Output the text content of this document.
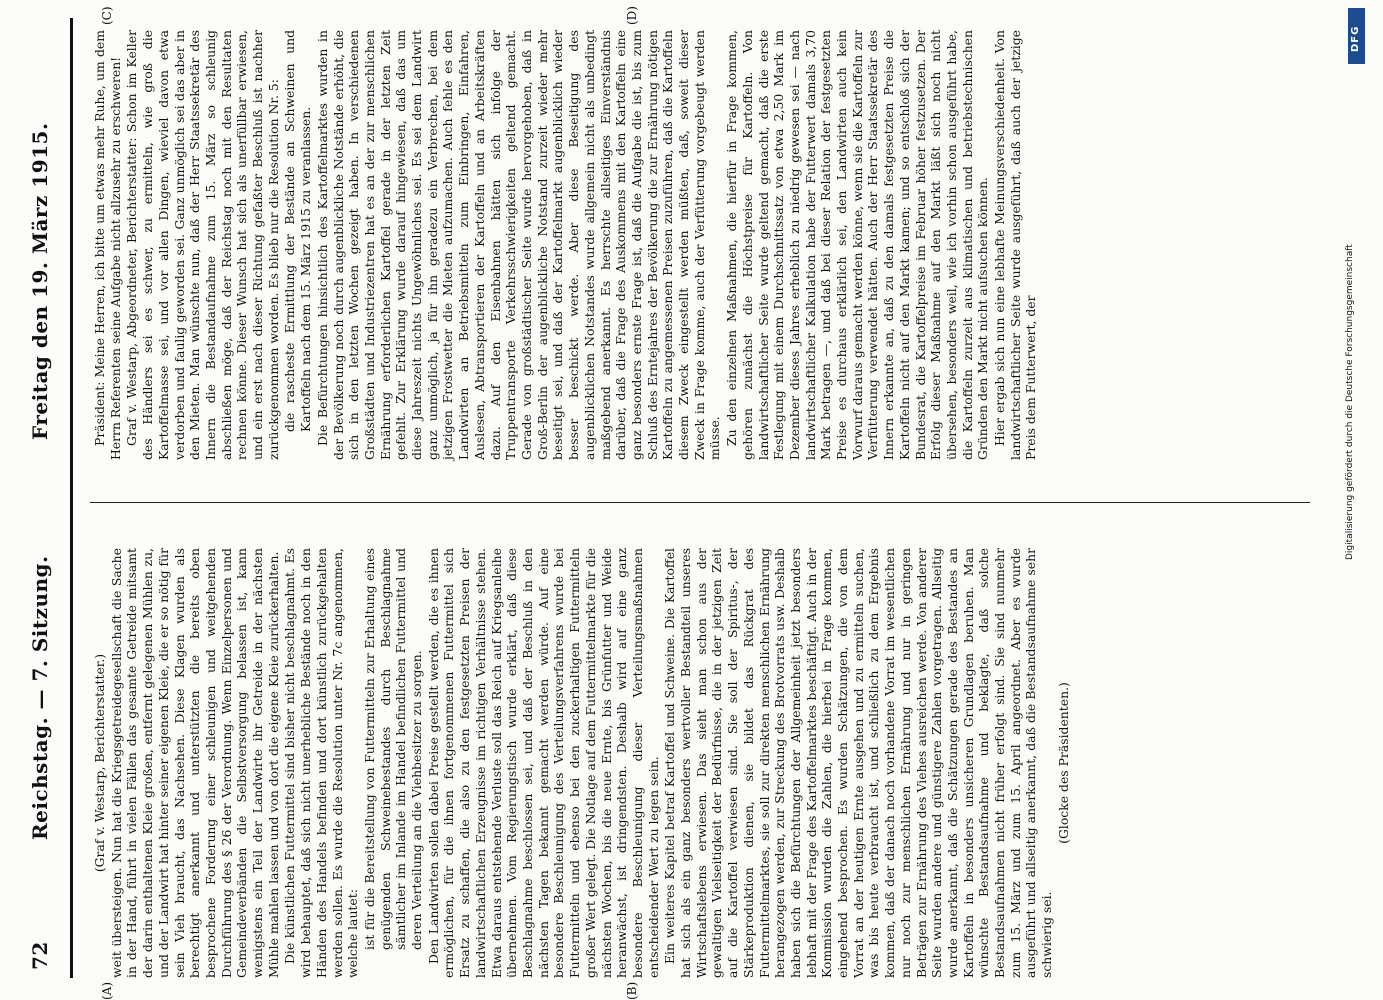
72
Reichstag. — 7. Sitzung.
Freitag den 19. März 1915.
(A)	(B)
(C)	(D)

(Graf v. Westarp, Berichterstatter.) weit übersteigen. Nun hat die Kriegsgetreidegesellschaft die Sache in der Hand, führt in vielen Fällen das gesamte Getreide mitsamt der darin enthaltenen Kleie großen, entfernt gelegenen Mühlen zu, und der Landwirt hat hinter seiner eigenen Kleie, die er so nötig für sein Vieh braucht, das Nachsehen. Diese Klagen wurden als berechtigt anerkannt und unterstützten die bereits oben besprochene Forderung einer schleunigen und weitgehenden Durchführung des § 26 der Verordnung. Wenn Einzelpersonen und Gemeindeverbänden die Selbstversorgung belassen ist, kann wenigstens ein Teil der Landwirte ihr Getreide in der nächsten Mühle mahlen lassen und von dort die eigene Kleie zurückerhalten. Die künstlichen Futtermittel sind bisher nicht beschlagnahmt. Es wird behauptet, daß sich nicht unerhebliche Bestände noch in den Händen des Handels befinden und dort künstlich zurückgehalten werden sollen. Es wurde die Resolution unter Nr. 7c angenommen, welche lautet: ist für die Bereitstellung von Futtermitteln zur Erhaltung eines genügenden Schweinebestandes durch Beschlagnahme sämtlicher im Inlande im Handel befindlichen Futtermittel und deren Verteilung an die Viehbesitzer zu sorgen. Den Landwirten sollen dabei Preise gestellt werden, die es ihnen ermöglichen, für die ihnen fortgenommenen Futtermittel sich Ersatz zu schaffen, die also zu den festgesetzten Preisen der landwirtschaftlichen Erzeugnisse im richtigen Verhältnisse stehen. Etwa daraus entstehende Verluste soll das Reich auf Kriegsanleihe übernehmen. Vom Regierungstisch wurde erklärt, daß diese Beschlagnahme beschlossen sei, und daß der Beschluß in den nächsten Tagen bekannt gemacht werden würde. Auf eine besondere Beschleunigung des Verteilungsverfahrens wurde bei Futtermitteln und ebenso bei den zuckerhaltigen Futtermitteln großer Wert gelegt. Die Notlage auf dem Futtermittelmarkte für die nächsten Wochen, bis die neue Ernte, bis Grünfutter und Weide heranwächst, ist dringendsten. Deshalb wird auf eine ganz besondere Beschleunigung dieser Verteilungsmaßnahmen entscheidender Wert zu legen sein. Ein weiteres Kapitel betraf Kartoffel und Schweine. Die Kartoffel hat sich als ein ganz besonders wertvoller Bestandteil unseres Wirtschaftslebens erwiesen. Das sieht man schon aus der gewaltigen Vielseitigkeit der Bedürfnisse, die in der jetzigen Zeit auf die Kartoffel verwiesen sind. Sie soll der Spiritus-, der Stärkeproduktion dienen, sie bildet das Rückgrat des Futtermittelmarktes, sie soll zur direkten menschlichen Ernährung herangezogen werden, zur Streckung des Brotvorrats usw. Deshalb haben sich die Befürchtungen der Allgemeinheit jetzt besonders lebhaft mit der Frage des Kartoffelmarktes beschäftigt. Auch in der Kommission wurden die Zahlen, die hierbei in Frage kommen, eingehend besprochen. Es wurden Schätzungen, die von dem Vorrat an der heutigen Ernte ausgehen und zu ermitteln suchen, was bis heute verbraucht ist, und schließlich zu dem Ergebnis kommen, daß der danach noch vorhandene Vorrat im wesentlichen nur noch zur menschlichen Ernährung und nur in geringen Beträgen zur Ernährung des Viehes ausreichen werde. Von anderer Seite wurden andere und günstigere Zahlen vorgetragen. Allseitig wurde anerkannt, daß die Schätzungen gerade des Bestandes an Kartoffeln in besonders unsicheren Grundlagen beruhen. Man wünschte Bestandsaufnahme und beklagte, daß solche Bestandsaufnahmen nicht früher erfolgt sind. Sie sind nunmehr zum 15. März und zum 15. April angeordnet. Aber es wurde ausgeführt und allseitig anerkannt, daß die Bestandsaufnahme sehr schwierig sei.

(Glocke des Präsidenten.)

Präsident: Meine Herren, ich bitte um etwas mehr Ruhe, um dem Herrn Referenten seine Aufgabe nicht allzusehr zu erschweren! Graf v. Westarp, Abgeordneter, Berichterstatter: Schon im Keller des Händlers sei es schwer, zu ermitteln, wie groß die Kartoffelmasse sei, und vor allen Dingen, wieviel davon etwa verdorben und faulig geworden sei. Ganz unmöglich sei das aber in den Mieten. Man wünschte nun, daß der Herr Staatssekretär des Innern die Bestandaufnahme zum 15. März so schleunig abschließen möge, daß der Reichstag noch mit den Resultaten rechnen könne. Dieser Wunsch hat sich als unerfüllbar erwiesen, und ein erst nach dieser Richtung gefaßter Beschluß ist nachher zurückgenommen worden. Es blieb nur die Resolution Nr. 5: die rascheste Ermittlung der Bestände an Schweinen und Kartoffeln nach dem 15. März 1915 zu veranlassen. Die Befürchtungen hinsichtlich des Kartoffelmarktes wurden in der Bevölkerung noch durch augenblickliche Notstände erhöht, die sich in den letzten Wochen gezeigt haben. In verschiedenen Großstädten und Industriezentren hat es an der zur menschlichen Ernährung erforderlichen Kartoffel gerade in der letzten Zeit gefehlt. Zur Erklärung wurde darauf hingewiesen, daß das um diese Jahreszeit nichts Ungewöhnliches sei. Es sei dem Landwirt ganz unmöglich, ja für ihn geradezu ein Verbrechen, bei dem jetzigen Frostwetter die Mieten aufzumachen. Auch fehle es den Landwirten an Betriebsmitteln zum Einbringen, Einfahren, Auslesen, Abtransportieren der Kartoffeln und an Arbeitskräften dazu. Auf den Eisenbahnen hätten sich infolge der Truppentransporte Verkehrsschwierigkeiten geltend gemacht. Gerade von großstädtischer Seite wurde hervorgehoben, daß in Groß-Berlin der augenblickliche Notstand zurzeit wieder mehr beseitigt sei, und daß der Kartoffelmarkt augenblicklich wieder besser beschickt werde. Aber diese Beseitigung des augenblicklichen Notstandes wurde allgemein nicht als unbedingt maßgebend anerkannt. Es herrschte allseitiges Einverständnis darüber, daß die Frage des Auskommens mit den Kartoffeln eine ganz besonders ernste Frage ist, daß die Aufgabe die ist, bis zum Schluß des Erntejahres der Bevölkerung die zur Ernährung nötigen Kartoffeln zu angemessenen Preisen zuzuführen, daß die Kartoffeln diesem Zweck eingestellt werden müßten, daß, soweit dieser Zweck in Frage komme, auch der Verfütterung vorgebeugt werden müsse. Zu den einzelnen Maßnahmen, die hierfür in Frage kommen, gehören zunächst die Höchstpreise für Kartoffeln. Von landwirtschaftlicher Seite wurde geltend gemacht, daß die erste Festlegung mit einem Durchschnittssatz von etwa 2,50 Mark im Dezember dieses Jahres erheblich zu niedrig gewesen sei — nach landwirtschaftlicher Kalkulation habe der Futterwert damals 3,70 Mark betragen —, und daß bei dieser Relation der festgesetzten Preise es durchaus erklärlich sei, den Landwirten auch kein Vorwurf daraus gemacht werden könne, wenn sie die Kartoffeln zur Verfütterung verwendet hätten. Auch der Herr Staatssekretär des Innern erkannte an, daß zu den damals festgesetzten Preise die Kartoffeln nicht auf den Markt kamen; und so entschloß sich der Bundesrat, die Kartoffelpreise im Februar höher festzusetzen. Der Erfolg dieser Maßnahme auf den Markt läßt sich noch nicht übersehen, besonders weil, wie ich vorhin schon ausgeführt habe, die Kartoffeln zurzeit aus klimatischen und betriebstechnischen Gründen den Markt nicht aufsuchen können. Hier ergab sich nun eine lebhafte Meinungsverschiedenheit. Von landwirtschaftlicher Seite wurde ausgeführt, daß auch der jetzige Preis dem Futterwert, der	Digitalisierung gefördert durch die Deutsche Forschungsgemeinschaft
DFG
